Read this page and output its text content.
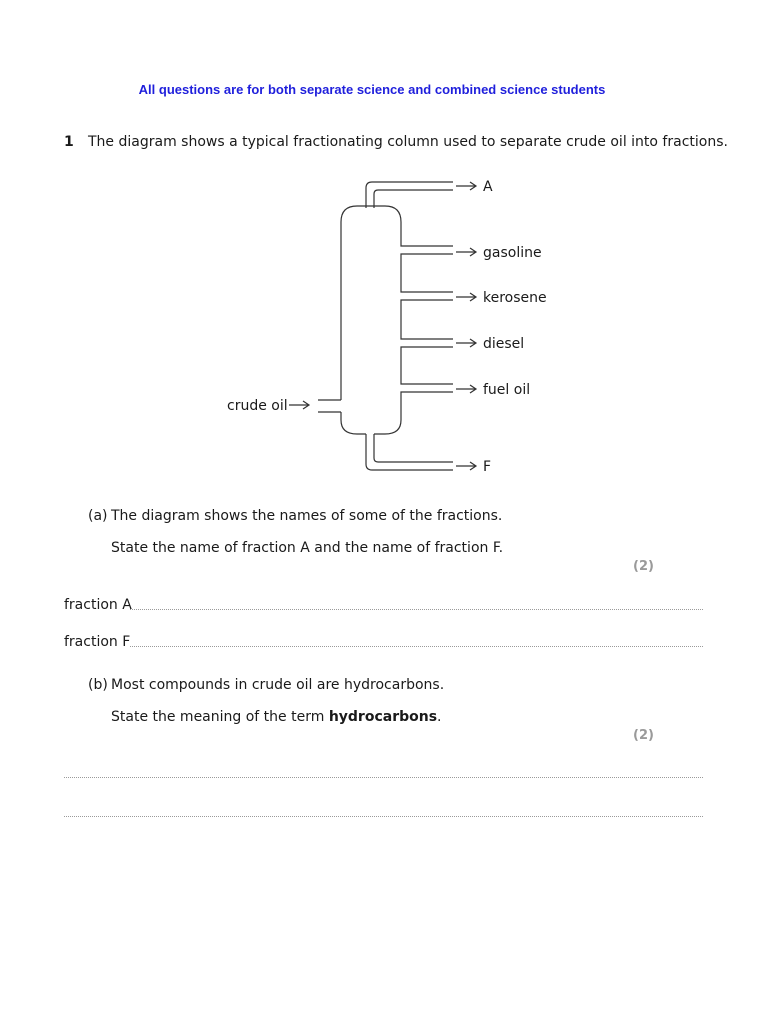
All questions are for both separate science and combined science students
1 The diagram shows a typical fractionating column used to separate crude oil into fractions.
crude oil
A
gasoline
kerosene
diesel
fuel oil
F
(a) The diagram shows the names of some of the fractions.
State the name of fraction A and the name of fraction F.
(2)
fraction A
fraction F
(b) Most compounds in crude oil are hydrocarbons.
State the meaning of the term hydrocarbons.
(2)
